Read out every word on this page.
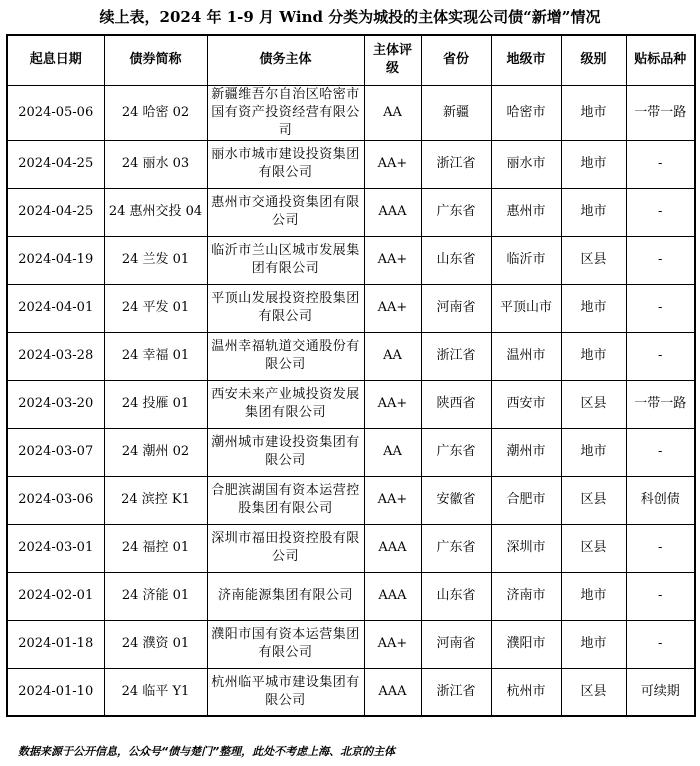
续上表，2024 年 1-9 月 Wind 分类为城投的主体实现公司债“新增”情况
起息日期	债券简称	债务主体	主体评级	省份	地级市	级别	贴标品种
2024-05-06	24 哈密 02	新疆维吾尔自治区哈密市国有资产投资经营有限公司	AA	新疆	哈密市	地市	一带一路
2024-04-25	24 丽水 03	丽水市城市建设投资集团有限公司	AA+	浙江省	丽水市	地市	-
2024-04-25	24 惠州交投 04	惠州市交通投资集团有限公司	AAA	广东省	惠州市	地市	-
2024-04-19	24 兰发 01	临沂市兰山区城市发展集团有限公司	AA+	山东省	临沂市	区县	-
2024-04-01	24 平发 01	平顶山发展投资控股集团有限公司	AA+	河南省	平顶山市	地市	-
2024-03-28	24 幸福 01	温州幸福轨道交通股份有限公司	AA	浙江省	温州市	地市	-
2024-03-20	24 投雁 01	西安未来产业城投资发展集团有限公司	AA+	陕西省	西安市	区县	一带一路
2024-03-07	24 潮州 02	潮州城市建设投资集团有限公司	AA	广东省	潮州市	地市	-
2024-03-06	24 滨控 K1	合肥滨湖国有资本运营控股集团有限公司	AA+	安徽省	合肥市	区县	科创债
2024-03-01	24 福控 01	深圳市福田投资控股有限公司	AAA	广东省	深圳市	区县	-
2024-02-01	24 济能 01	济南能源集团有限公司	AAA	山东省	济南市	地市	-
2024-01-18	24 濮资 01	濮阳市国有资本运营集团有限公司	AA+	河南省	濮阳市	地市	-
2024-01-10	24 临平 Y1	杭州临平城市建设集团有限公司	AAA	浙江省	杭州市	区县	可续期
数据来源于公开信息，公众号“债与楚门”整理，此处不考虑上海、北京的主体
